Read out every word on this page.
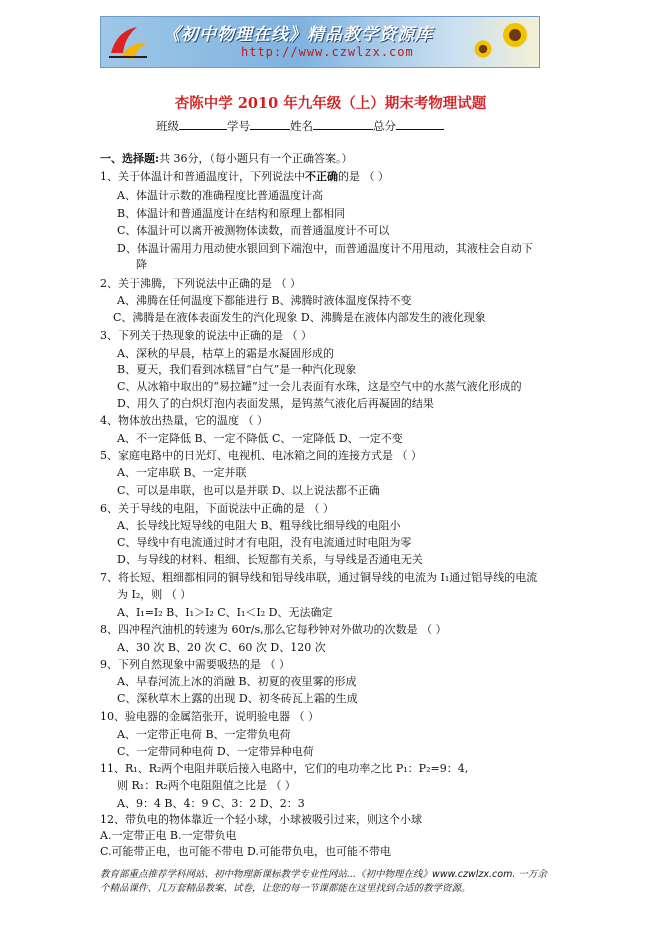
《初中物理在线》精品教学资源库
http://www.czwlzx.com
杏陈中学 2010 年九年级（上）期末考物理试题
班级	学号	姓名	总分
一、选择题:共 36分，（每小题只有一个正确答案。）
1、关于体温计和普通温度计，下列说法中不正确的是 （ ）
A、体温计示数的准确程度比普通温度计高
B、体温计和普通温度计在结构和原理上都相同
C、体温计可以离开被测物体读数，而普通温度计不可以
D、体温计需用力甩动使水银回到下端泡中，而普通温度计不用甩动，其液柱会自动下
降
2、关于沸腾，下列说法中正确的是 （ ）
A、沸腾在任何温度下都能进行 B、沸腾时液体温度保持不变
C、沸腾是在液体表面发生的汽化现象 D、沸腾是在液体内部发生的液化现象
3、下列关于热现象的说法中正确的是 （ ）
A、深秋的早晨，枯草上的霜是水凝固形成的
B、夏天，我们看到冰糕冒“白气”是一种汽化现象
C、从冰箱中取出的“易拉罐”过一会儿表面有水珠，这是空气中的水蒸气液化形成的
D、用久了的白炽灯泡内表面发黑，是钨蒸气液化后再凝固的结果
4、物体放出热量，它的温度 （ ）
A、不一定降低 B、一定不降低 C、一定降低 D、一定不变
5、家庭电路中的日光灯、电视机、电冰箱之间的连接方式是 （ ）
A、一定串联 B、一定并联
C、可以是串联，也可以是并联 D、以上说法都不正确
6、关于导线的电阻，下面说法中正确的是 （ ）
A、长导线比短导线的电阻大 B、粗导线比细导线的电阻小
C、导线中有电流通过时才有电阻，没有电流通过时电阻为零
D、与导线的材料、粗细、长短都有关系，与导线是否通电无关
7、将长短、粗细都相同的铜导线和铝导线串联，通过铜导线的电流为 I₁通过铝导线的电流
为 I₂，则 （ ）
A、I₁=I₂ B、I₁＞I₂ C、I₁＜I₂ D、无法确定
8、四冲程汽油机的转速为 60r/s,那么它每秒钟对外做功的次数是 （ ）
A、30 次 B、20 次 C、60 次 D、120 次
9、下列自然现象中需要吸热的是 （ ）
A、早春河流上冰的消融 B、初夏的夜里雾的形成
C、深秋草木上露的出现 D、初冬砖瓦上霜的生成
10、验电器的金属箔张开，说明验电器 （ ）
A、一定带正电荷 B、一定带负电荷
C、一定带同种电荷 D、一定带异种电荷
11、R₁、R₂两个电阻并联后接入电路中，它们的电功率之比 P₁：P₂=9：4,
则 R₁：R₂两个电阻阻值之比是 （ ）
A、9：4 B、4：9 C、3：2 D、2：3
12、带负电的物体靠近一个轻小球，小球被吸引过来，则这个小球
A.一定带正电 B.一定带负电
C.可能带正电，也可能不带电 D.可能带负电，也可能不带电
教育部重点推荐学科网站、初中物理新课标教学专业性网站...《初中物理在线》www.czwlzx.com. 一万余
个精品课件、几万套精品教案、试卷，让您的每一节课都能在这里找到合适的教学资源。
